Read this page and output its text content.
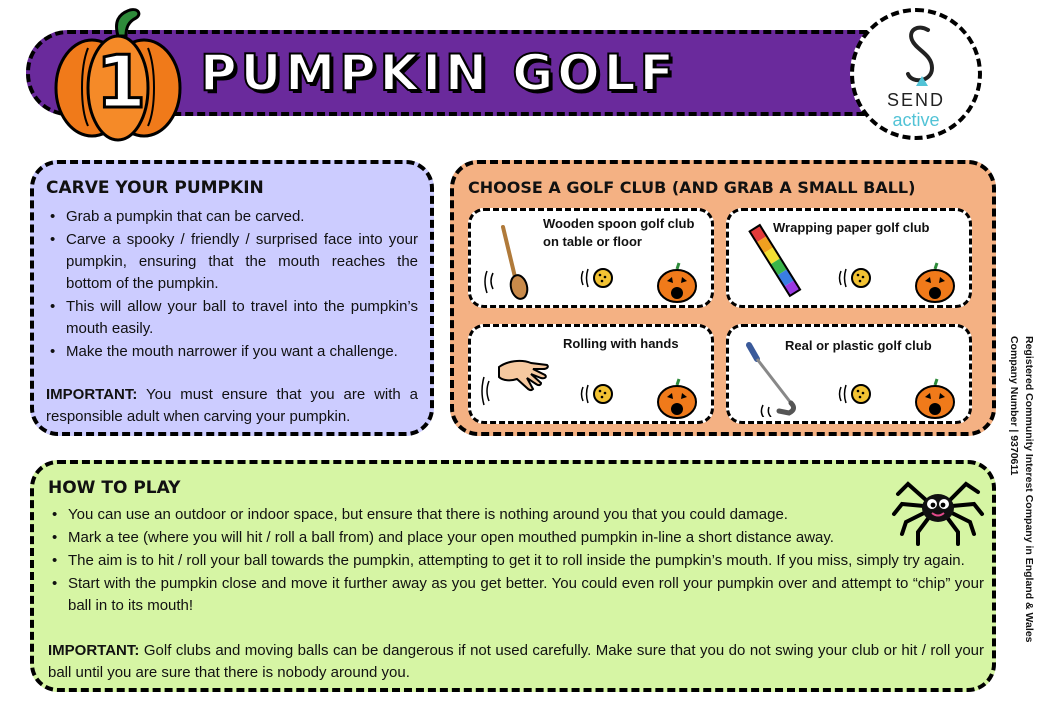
1 PUMPKIN GOLF	SEND
active
CARVE YOUR PUMPKIN
• Grab a pumpkin that can be carved.
• Carve a spooky / friendly / surprised face into your pumpkin, ensuring that the mouth reaches the bottom of the pumpkin.
• This will allow your ball to travel into the pumpkin’s mouth easily.
• Make the mouth narrower if you want a challenge.
IMPORTANT: You must ensure that you are with a responsible adult when carving your pumpkin.
CHOOSE A GOLF CLUB (AND GRAB A SMALL BALL)
Wooden spoon golf club on table or floor
Wrapping paper golf club
Rolling with hands	Real or plastic golf club
HOW TO PLAY
• You can use an outdoor or indoor space, but ensure that there is nothing around you that you could damage.
• Mark a tee (where you will hit / roll a ball from) and place your open mouthed pumpkin in-line a short distance away.
• The aim is to hit / roll your ball towards the pumpkin, attempting to get it to roll inside the pumpkin’s mouth. If you miss, simply try again.
• Start with the pumpkin close and move it further away as you get better. You could even roll your pumpkin over and attempt to “chip” your ball in to its mouth!
IMPORTANT: Golf clubs and moving balls can be dangerous if not used carefully. Make sure that you do not swing your club or hit / roll your ball until you are sure that there is nobody around you.
Registered Community Interest Company in England & Wales
Company Number | 9370611
